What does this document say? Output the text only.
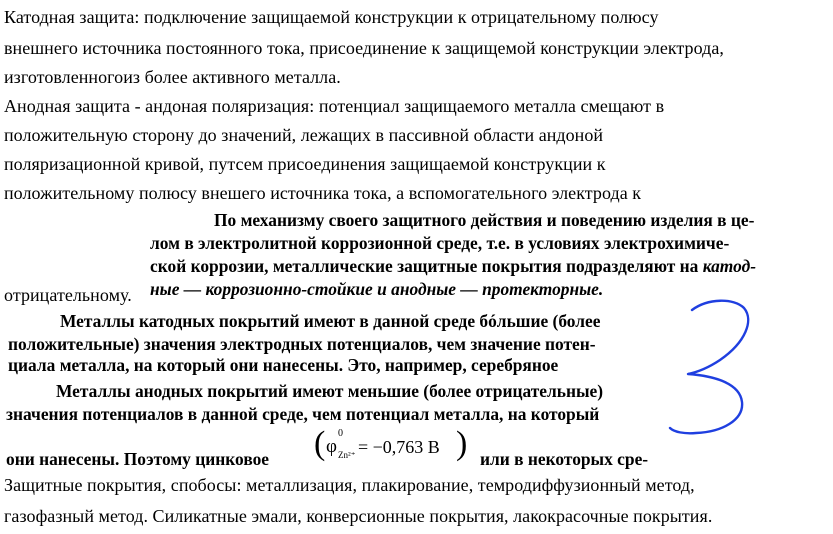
Катодная защита: подключение защищаемой конструкции к отрицательному полюсу
внешнего источника постоянного тока, присоединение к защищемой конструкции электрода,
изготовленногоиз более активного металла.
Анодная защита - андоная поляризация: потенциал защищаемого металла смещают в
положительную сторону до значений, лежащих в пассивной области андоной
поляризационной кривой, путсем присоединения защищаемой конструкции к
положительному полюсу внешего источника тока, а вспомогательного электрода к
отрицательному.
По механизму своего защитного действия и поведению изделия в це-
лом в электролитной коррозионной среде, т.е. в условиях электрохимиче-
ской коррозии, металлические защитные покрытия подразделяют на катод-
ные — коррозионно-стойкие и анодные — протекторные.
Металлы катодных покрытий имеют в данной среде бóльшие (более
положительные) значения электродных потенциалов, чем значение потен-
циала металла, на который они нанесены. Это, например, серебряное
Металлы анодных покрытий имеют меньшие (более отрицательные)
значения потенциалов в данной среде, чем потенциал металла, на который
они нанесены. Поэтому цинковое	или в некоторых сре-
( φ
0
Zn²⁺ = −0,763 В )
Защитные покрытия, спобосы: металлизация, плакирование, темродиффузионный метод,
газофазный метод. Силикатные эмали, конверсионные покрытия, лакокрасочные покрытия.
